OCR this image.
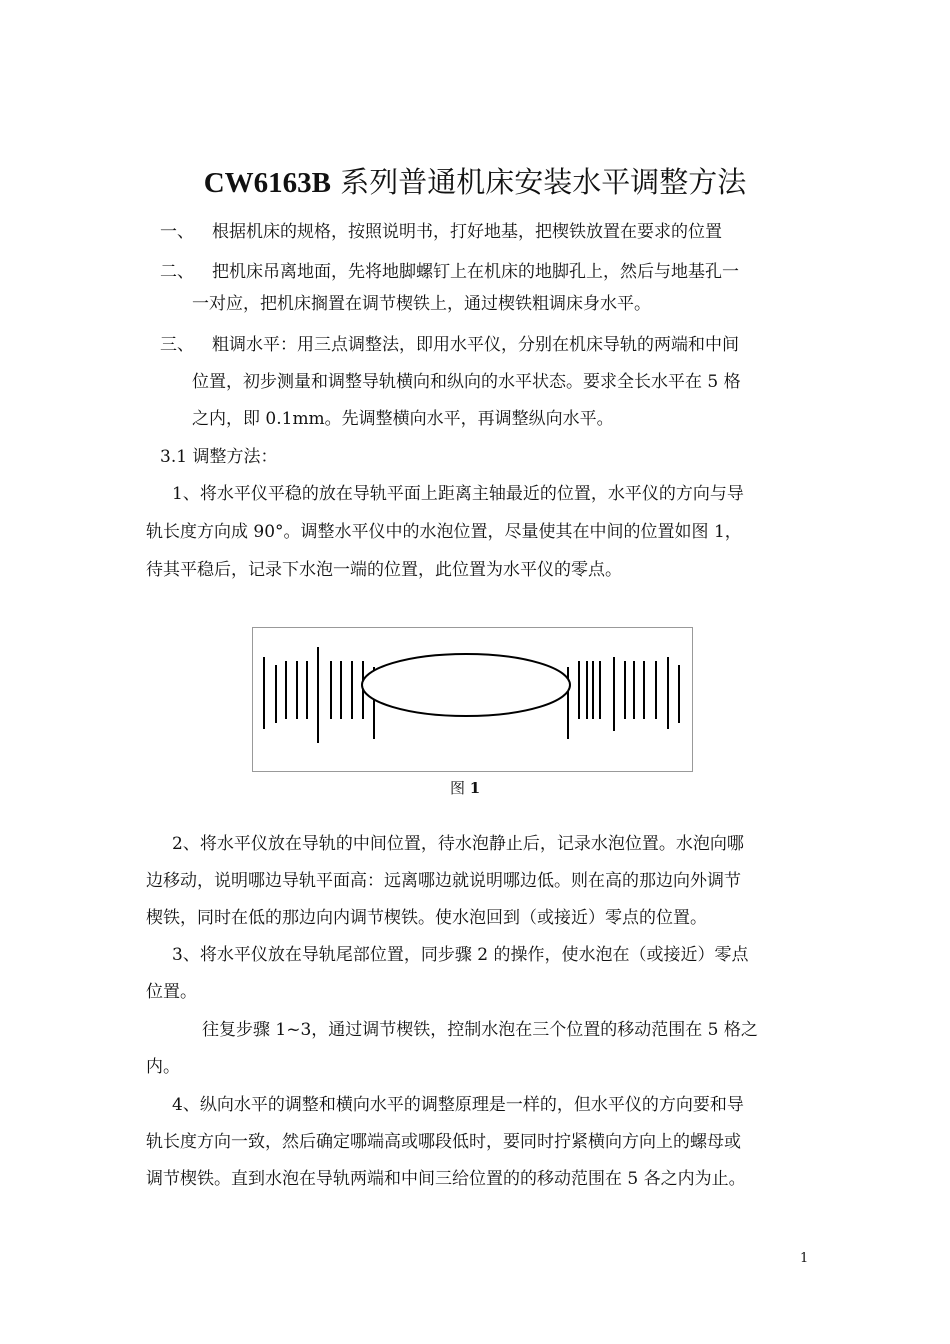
CW6163B 系列普通机床安装水平调整方法
一、 根据机床的规格，按照说明书，打好地基，把楔铁放置在要求的位置
二、 把机床吊离地面，先将地脚螺钉上在机床的地脚孔上，然后与地基孔一
一对应，把机床搁置在调节楔铁上，通过楔铁粗调床身水平。
三、 粗调水平：用三点调整法，即用水平仪，分别在机床导轨的两端和中间
位置，初步测量和调整导轨横向和纵向的水平状态。要求全长水平在 5 格
之内，即 0.1mm。先调整横向水平，再调整纵向水平。
3.1 调整方法：
1、将水平仪平稳的放在导轨平面上距离主轴最近的位置，水平仪的方向与导
轨长度方向成 90°。调整水平仪中的水泡位置，尽量使其在中间的位置如图 1，
待其平稳后，记录下水泡一端的位置，此位置为水平仪的零点。
图 1
2、将水平仪放在导轨的中间位置，待水泡静止后，记录水泡位置。水泡向哪
边移动，说明哪边导轨平面高：远离哪边就说明哪边低。则在高的那边向外调节
楔铁，同时在低的那边向内调节楔铁。使水泡回到（或接近）零点的位置。
3、将水平仪放在导轨尾部位置，同步骤 2 的操作，使水泡在（或接近）零点
位置。
往复步骤 1~3，通过调节楔铁，控制水泡在三个位置的移动范围在 5 格之
内。
4、纵向水平的调整和横向水平的调整原理是一样的，但水平仪的方向要和导
轨长度方向一致，然后确定哪端高或哪段低时，要同时拧紧横向方向上的螺母或
调节楔铁。直到水泡在导轨两端和中间三给位置的的移动范围在 5 各之内为止。
1
